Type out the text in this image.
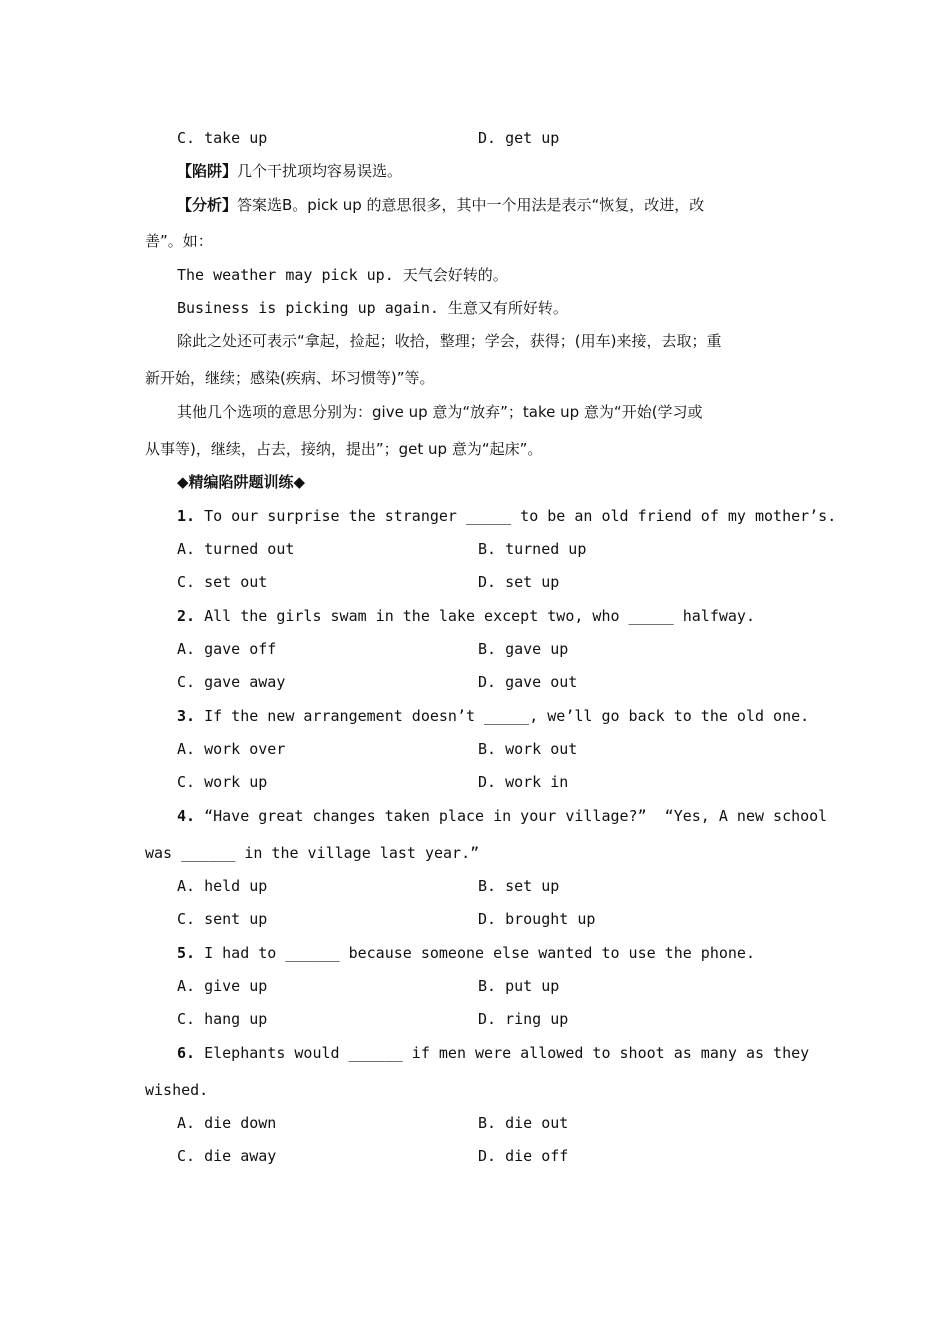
C. take up	D. get up
【陷阱】几个干扰项均容易误选。
【分析】答案选B。pick up 的意思很多，其中一个用法是表示“恢复，改进，改
善”。如：
The weather may pick up. 天气会好转的。
Business is picking up again. 生意又有所好转。
除此之处还可表示“拿起，捡起；收拾，整理；学会，获得；(用车)来接，去取；重
新开始，继续；感染(疾病、坏习惯等)”等。
其他几个选项的意思分别为：give up 意为“放弃”；take up 意为“开始(学习或
从事等)，继续，占去，接纳，提出”；get up 意为“起床”。
◆精编陷阱题训练◆
1. To our surprise the stranger _____ to be an old friend of my mother’s.
A. turned out	B. turned up
C. set out	D. set up
2. All the girls swam in the lake except two, who _____ halfway.
A. gave off	B. gave up
C. gave away	D. gave out
3. If the new arrangement doesn’t _____, we’ll go back to the old one.
A. work over	B. work out
C. work up	D. work in
4. “Have great changes taken place in your village?”  “Yes, A new school
was ______ in the village last year.”
A. held up	B. set up
C. sent up	D. brought up
5. I had to ______ because someone else wanted to use the phone.
A. give up	B. put up
C. hang up	D. ring up
6. Elephants would ______ if men were allowed to shoot as many as they
wished.
A. die down	B. die out
C. die away	D. die off
